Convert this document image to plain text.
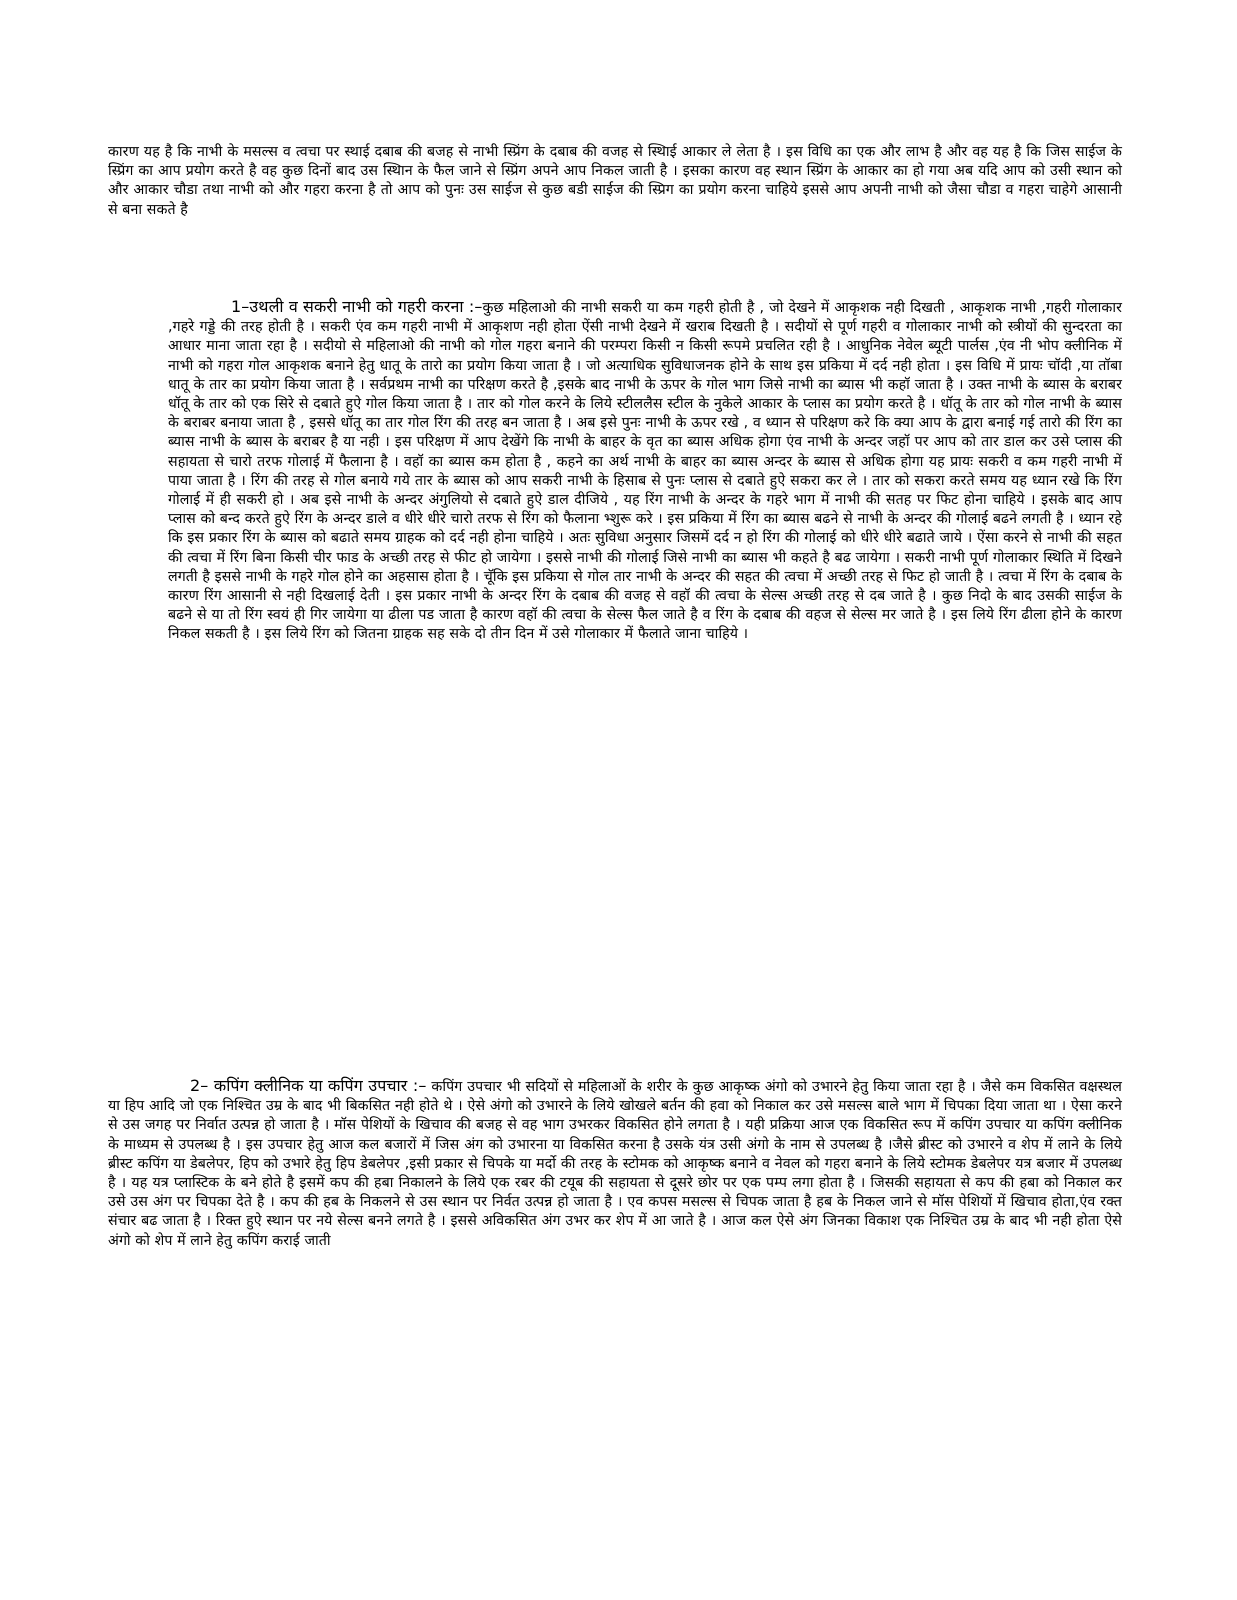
कारण यह है कि नाभी के मसल्स व त्वचा पर स्थाई दबाब की बजह से नाभी स्प्रिंग के दबाब की वजह से स्थिाई आकार ले लेता है । इस विधि का एक और लाभ है और वह यह है कि जिस साईज के स्प्रिंग का आप प्रयोग करते है वह कुछ दिनों बाद उस स्थिान के फैल जाने से स्प्रिंग अपने आप निकल जाती है । इसका कारण वह स्थान स्प्रिंग के आकार का हो गया अब यदि आप को उसी स्थान को और आकार चौडा तथा नाभी को और गहरा करना है तो आप को पुनः उस साईज से कुछ बडी साईज की स्प्रिग का प्रयोग करना चाहिये इससे आप अपनी नाभी को जैसा चौडा व गहरा चाहेगे आसानी से बना सकते है

1–उथली व सकरी नाभी को गहरी करना :–कुछ महिलाओ की नाभी सकरी या कम गहरी होती है , जो देखने में आकृशक नही दिखती , आकृशक नाभी ,गहरी गोलाकार ,गहरे गड्डे की तरह होती है । सकरी एंव कम गहरी नाभी में आकृशण नही होता ऐंसी नाभी देखने में खराब दिखती है । सदीयों से पूर्ण गहरी व गोलाकार नाभी को स्त्रीयों की सुन्दरता का आधार माना जाता रहा है । सदीयो से महिलाओ की नाभी को गोल गहरा बनाने की परम्परा किसी न किसी रूपमे प्रचलित रही है । आधुनिक नेवेल ब्यूटी पार्लस ,एंव नी भोप क्लीनिक में नाभी को गहरा गोल आकृशक बनाने हेतु धातू के तारो का प्रयोग किया जाता है । जो अत्याधिक सुविधाजनक होने के साथ इस प्रकिया में दर्द नही होता । इस विधि में प्रायः चॉदी ,या तॉबा धातू के तार का प्रयोग किया जाता है । सर्वप्रथम नाभी का परिक्षण करते है ,इसके बाद नाभी के ऊपर के गोल भाग जिसे नाभी का ब्यास भी कहॉ जाता है । उक्त नाभी के ब्यास के बराबर धॉतू के तार को एक सिरे से दबाते हुऐ गोल किया जाता है । तार को गोल करने के लिये स्टीललैस स्टील के नुकेले आकार के प्लास का प्रयोग करते है । धॉतू के तार को गोल नाभी के ब्यास के बराबर बनाया जाता है , इससे धॉतू का तार गोल रिंग की तरह बन जाता है । अब इसे पुनः नाभी के ऊपर रखे , व ध्यान से परिक्षण करे कि क्या आप के द्वारा बनाई गई तारो की रिंग का ब्यास नाभी के ब्यास के बराबर है या नही । इस परिक्षण में आप देखेंगे कि नाभी के बाहर के वृत का ब्यास अधिक होगा एंव नाभी के अन्दर जहॉ पर आप को तार डाल कर उसे प्लास की सहायता से चारो तरफ गोलाई में फैलाना है । वहॉ का ब्यास कम होता है , कहने का अर्थ नाभी के बाहर का ब्यास अन्दर के ब्यास से अधिक होगा यह प्रायः सकरी व कम गहरी नाभी में पाया जाता है । रिंग की तरह से गोल बनाये गये तार के ब्यास को आप सकरी नाभी के हिसाब से पुनः प्लास से दबाते हुऐ सकरा कर ले । तार को सकरा करते समय यह ध्यान रखे कि रिंग गोलाई में ही सकरी हो । अब इसे नाभी के अन्दर अंगुलियो से दबाते हुऐ डाल दीजिये , यह रिंग नाभी के अन्दर के गहरे भाग में नाभी की सतह पर फिट होना चाहिये । इसके बाद आप प्लास को बन्द करते हुऐ रिंग के अन्दर डाले व धीरे धीरे चारो तरफ से रिंग को फैलाना भ्शुरू करे । इस प्रकिया में रिंग का ब्यास बढने से नाभी के अन्दर की गोलाई बढने लगती है । ध्यान रहे कि इस प्रकार रिंग के ब्यास को बढाते समय ग्राहक को दर्द नही होना चाहिये । अतः सुविधा अनुसार जिसमें दर्द न हो रिंग की गोलाई को धीरे धीरे बढाते जाये । ऐंसा करने से नाभी की सहत की त्वचा में रिंग बिना किसी चीर फाड के अच्छी तरह से फीट हो जायेगा । इससे नाभी की गोलाई जिसे नाभी का ब्यास भी कहते है बढ जायेगा । सकरी नाभी पूर्ण गोलाकार स्थिति में दिखने लगती है इससे नाभी के गहरे गोल होने का अहसास होता है । चूॅकि इस प्रकिया से गोल तार नाभी के अन्दर की सहत की त्वचा में अच्छी तरह से फिट हो जाती है । त्वचा में रिंग के दबाब के कारण रिंग आसानी से नही दिखलाई देती । इस प्रकार नाभी के अन्दर रिंग के दबाब की वजह से वहॉ की त्वचा के सेल्स अच्छी तरह से दब जाते है । कुछ निदो के बाद उसकी साईज के बढने से या तो रिंग स्वयं ही गिर जायेगा या ढीला पड जाता है कारण वहॉ की त्वचा के सेल्स फैल जाते है व रिंग के दबाब की वहज से सेल्स मर जाते है । इस लिये रिंग ढीला होने के कारण निकल सकती है । इस लिये रिंग को जितना ग्राहक सह सके दो तीन दिन में उसे गोलाकार में फैलाते जाना चाहिये ।

2– कपिंग क्लीनिक या कपिंग उपचार :– कपिंग उपचार भी सदियों से महिलाओं के शरीर के कुछ आकृष्क अंगो को उभारने हेतु किया जाता रहा है । जैसे कम विकसित वक्षस्थल या हिप आदि जो एक निश्चित उम्र के बाद भी बिकसित नही होते थे । ऐसे अंगो को उभारने के लिये खोखले बर्तन की हवा को निकाल कर उसे मसल्स बाले भाग में चिपका दिया जाता था । ऐसा करने से उस जगह पर निर्वात उत्पन्न हो जाता है । मॉस पेशियों के खिचाव की बजह से वह भाग उभरकर विकसित होने लगता है । यही प्रक्रिया आज एक विकसित रूप में कपिंग उपचार या कपिंग क्लीनिक के माध्यम से उपलब्ध है । इस उपचार हेतु आज कल बजारों में जिस अंग को उभारना या विकसित करना है उसके यंत्र उसी अंगो के नाम से उपलब्ध है ।जैसे ब्रीस्ट को उभारने व शेप में लाने के लिये ब्रीस्ट कपिंग या डेबलेपर, हिप को उभारे हेतु हिप डेबलेपर ,इसी प्रकार से चिपके या मर्दो की तरह के स्टोमक को आकृष्क बनाने व नेवल को गहरा बनाने के लिये स्टोमक डेबलेपर यत्र बजार में उपलब्ध है । यह यत्र प्लास्टिक के बने होते है इसमें कप की हबा निकालने के लिये एक रबर की टयूब की सहायता से दूसरे छोर पर एक पम्प लगा होता है । जिसकी सहायता से कप की हबा को निकाल कर उसे उस अंग पर चिपका देते है । कप की हब के निकलने से उस स्थान पर निर्वत उत्पन्न हो जाता है । एव कपस मसल्स से चिपक जाता है हब के निकल जाने से मॉस पेशियों में खिचाव होता,एंव रक्त संचार बढ जाता है । रिक्त हुऐ स्थान पर नये सेल्स बनने लगते है । इससे अविकसित अंग उभर कर शेप में आ जाते है । आज कल ऐसे अंग जिनका विकाश एक निश्चित उम्र के बाद भी नही होता ऐसे अंगो को शेप में लाने हेतु कपिंग कराई जाती
